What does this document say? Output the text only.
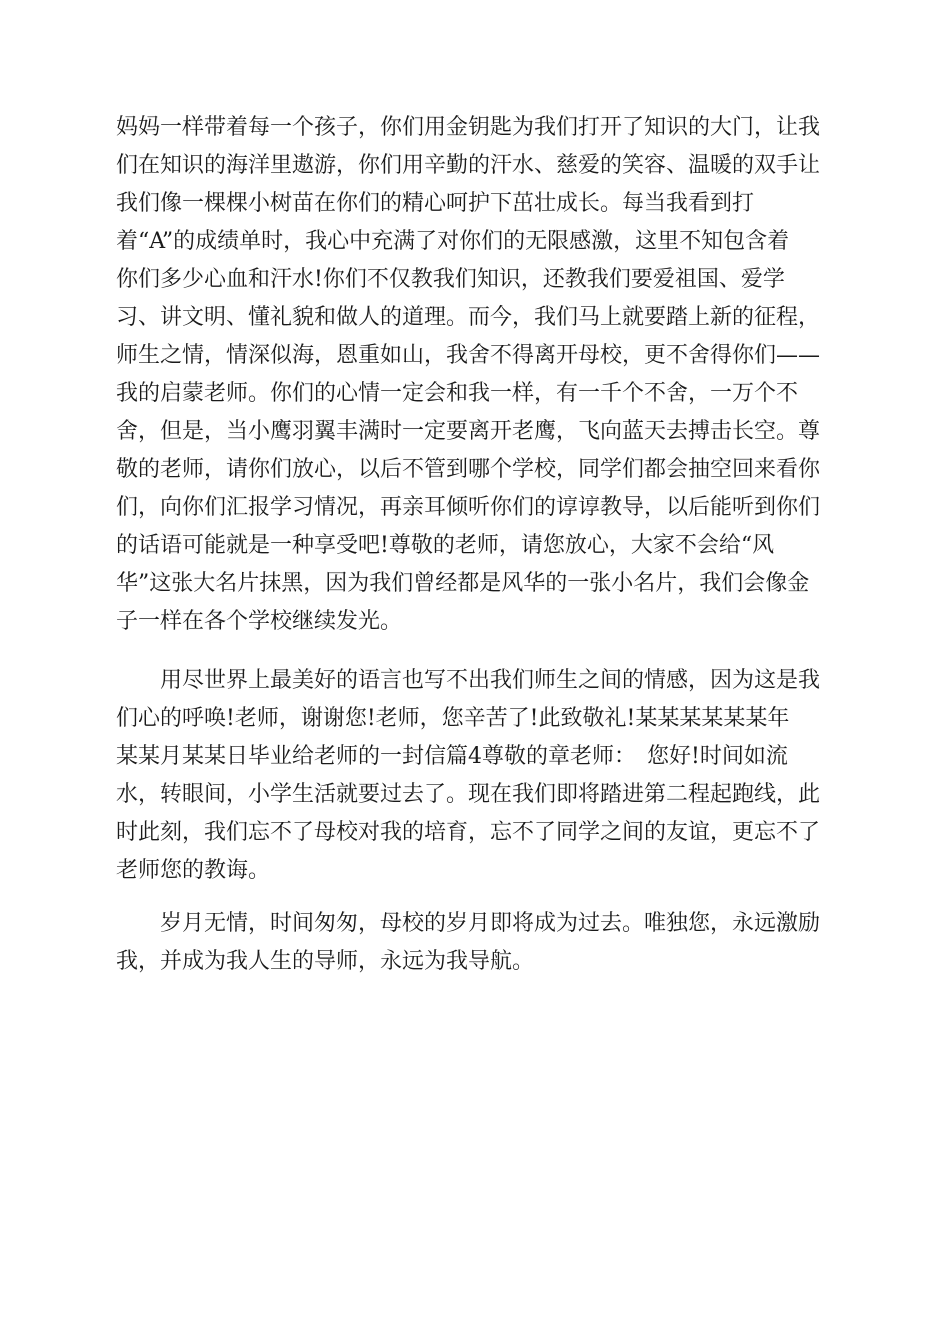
妈妈一样带着每一个孩子，你们用金钥匙为我们打开了知识的大门，让我
们在知识的海洋里遨游，你们用辛勤的汗水、慈爱的笑容、温暖的双手让
我们像一棵棵小树苗在你们的精心呵护下茁壮成长。每当我看到打
着“A”的成绩单时，我心中充满了对你们的无限感激，这里不知包含着
你们多少心血和汗水!你们不仅教我们知识，还教我们要爱祖国、爱学
习、讲文明、懂礼貌和做人的道理。而今，我们马上就要踏上新的征程，
师生之情，情深似海，恩重如山，我舍不得离开母校，更不舍得你们——
我的启蒙老师。你们的心情一定会和我一样，有一千个不舍，一万个不
舍，但是，当小鹰羽翼丰满时一定要离开老鹰，飞向蓝天去搏击长空。尊
敬的老师，请你们放心，以后不管到哪个学校，同学们都会抽空回来看你
们，向你们汇报学习情况，再亲耳倾听你们的谆谆教导，以后能听到你们
的话语可能就是一种享受吧!尊敬的老师，请您放心，大家不会给“风
华”这张大名片抹黑，因为我们曾经都是风华的一张小名片，我们会像金
子一样在各个学校继续发光。
用尽世界上最美好的语言也写不出我们师生之间的情感，因为这是我
们心的呼唤!老师，谢谢您!老师，您辛苦了!此致敬礼!某某某某某某年
某某月某某日毕业给老师的一封信篇4尊敬的章老师：　您好!时间如流
水，转眼间，小学生活就要过去了。现在我们即将踏进第二程起跑线，此
时此刻，我们忘不了母校对我的培育，忘不了同学之间的友谊，更忘不了
老师您的教诲。
岁月无情，时间匆匆，母校的岁月即将成为过去。唯独您，永远激励
我，并成为我人生的导师，永远为我导航。
